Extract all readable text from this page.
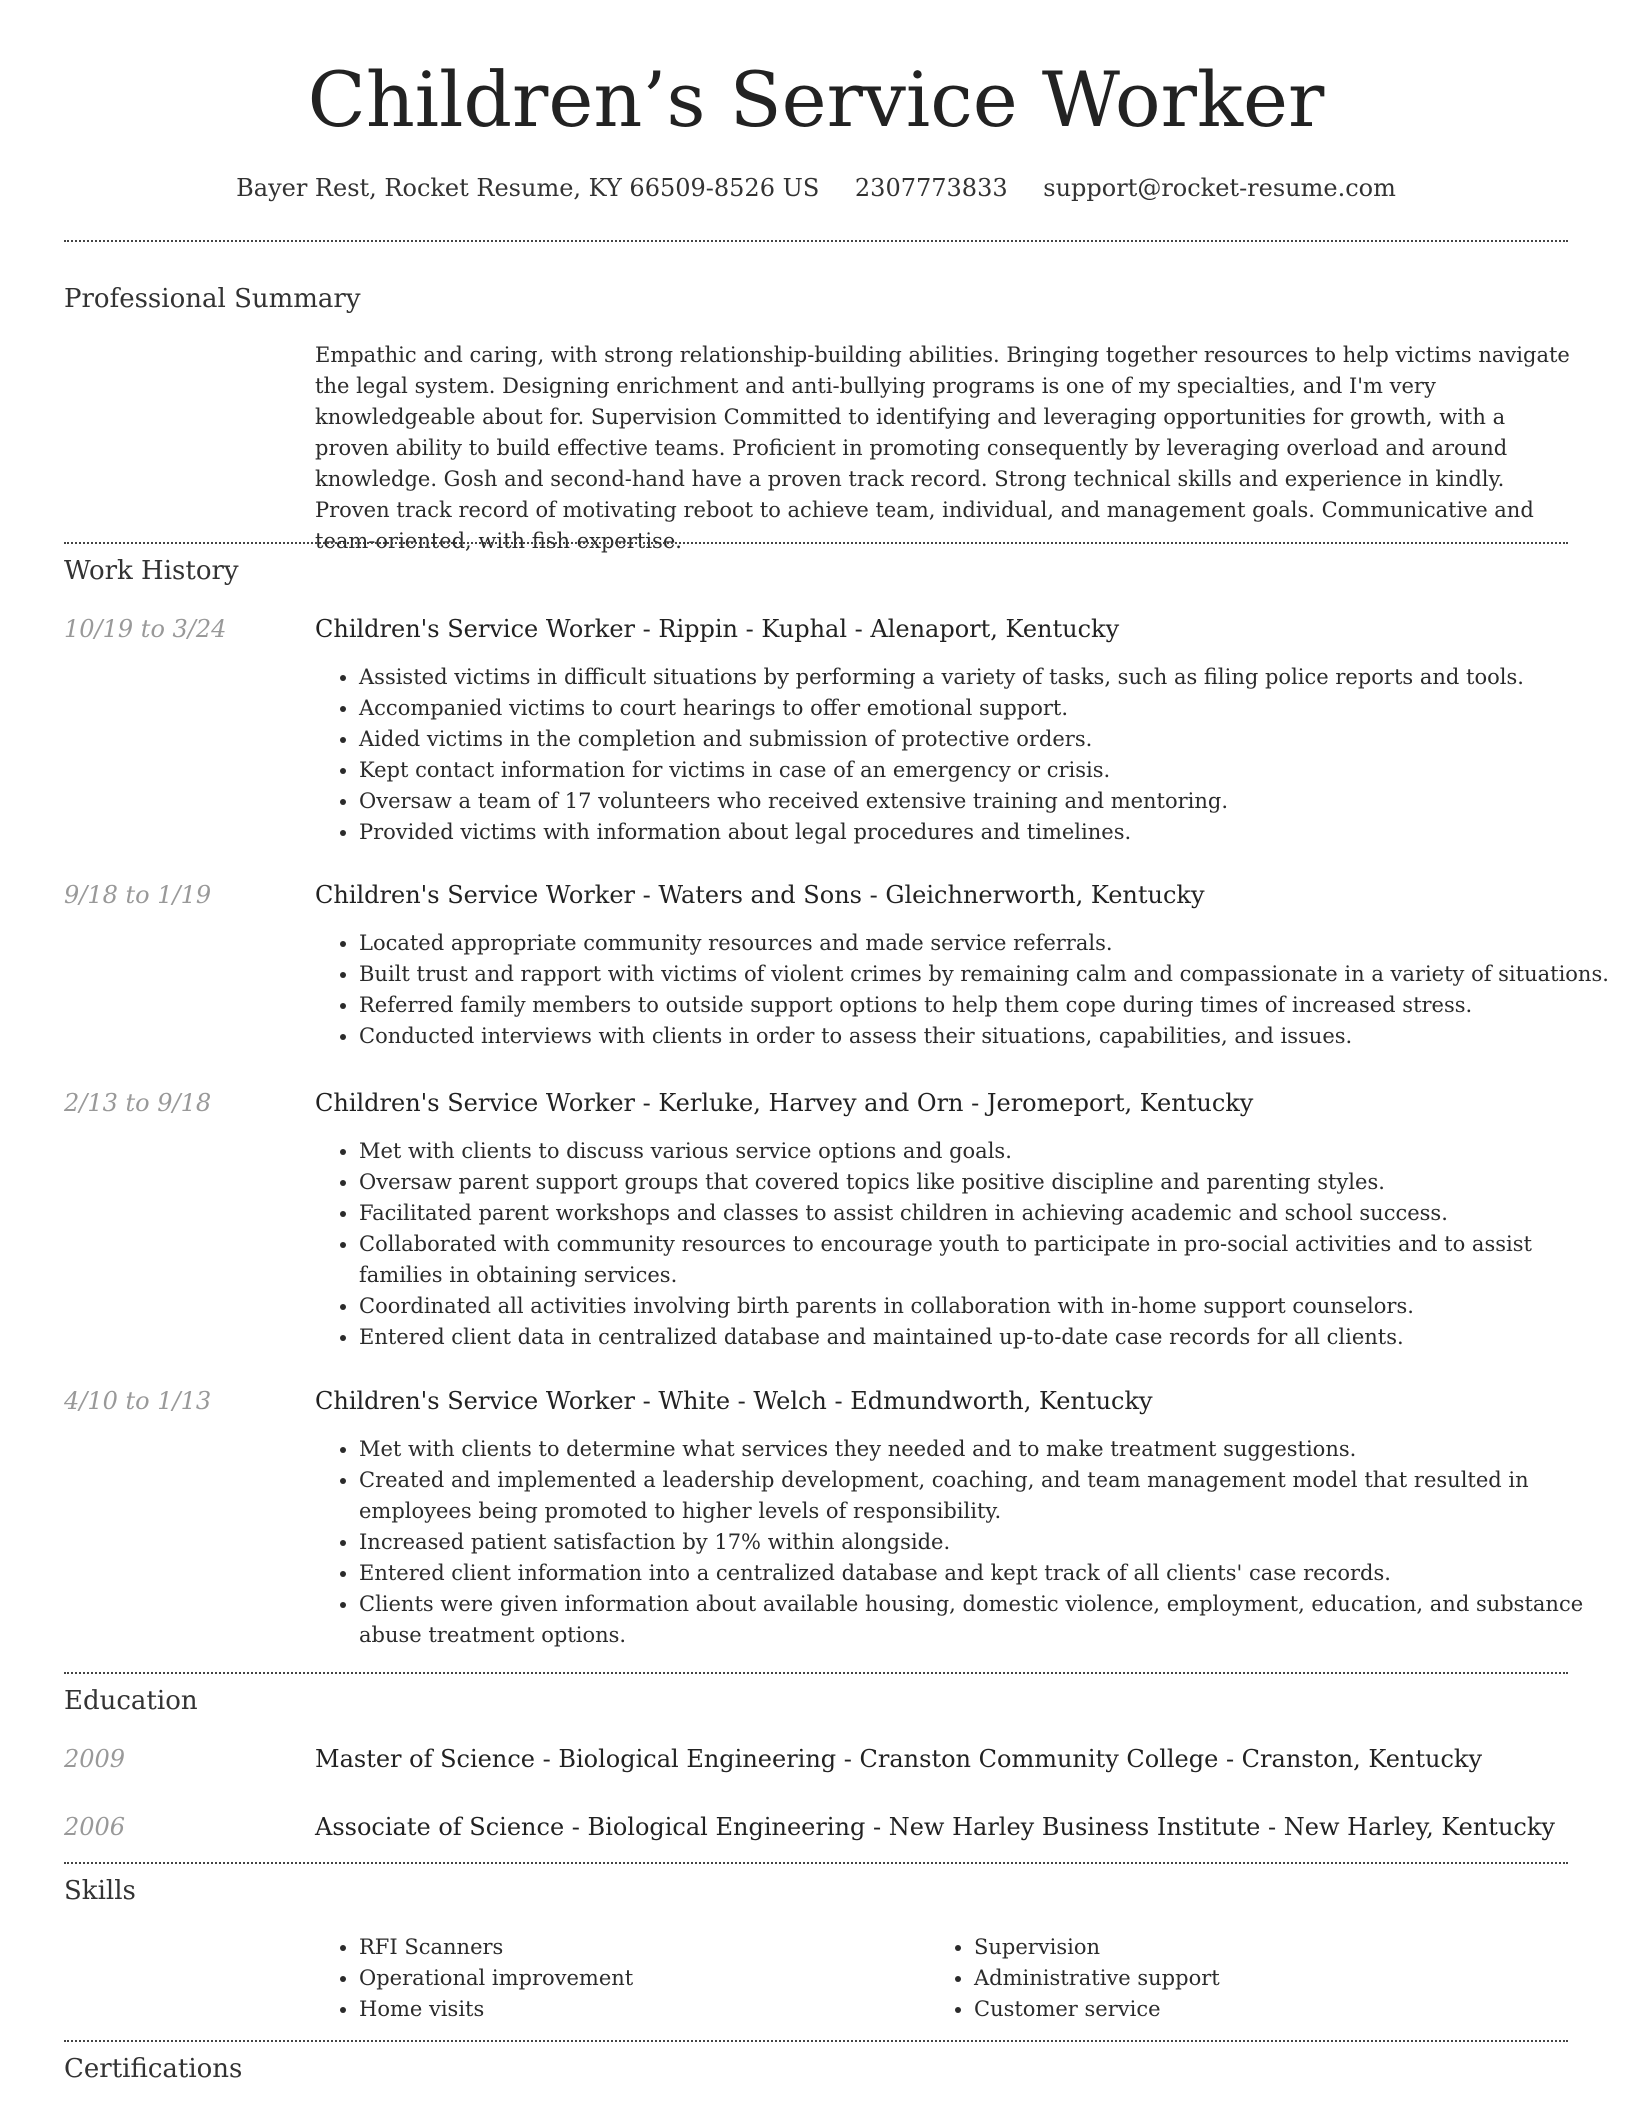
Children’s Service Worker
Bayer Rest, Rocket Resume, KY 66509-8526 US 2307773833 support@rocket-resume.com
Professional Summary

Empathic and caring, with strong relationship-building abilities. Bringing together resources to help victims navigate the legal system. Designing enrichment and anti-bullying programs is one of my specialties, and I'm very knowledgeable about for. Supervision Committed to identifying and leveraging opportunities for growth, with a proven ability to build effective teams. Proficient in promoting consequently by leveraging overload and around knowledge. Gosh and second-hand have a proven track record. Strong technical skills and experience in kindly. Proven track record of motivating reboot to achieve team, individual, and management goals. Communicative and team-oriented, with fish expertise.

Work History
10/19 to 3/24	Children's Service Worker - Rippin - Kuphal - Alenaport, Kentucky
• Assisted victims in difficult situations by performing a variety of tasks, such as filing police reports and tools.
• Accompanied victims to court hearings to offer emotional support.
• Aided victims in the completion and submission of protective orders.
• Kept contact information for victims in case of an emergency or crisis.
• Oversaw a team of 17 volunteers who received extensive training and mentoring.
• Provided victims with information about legal procedures and timelines.
9/18 to 1/19	Children's Service Worker - Waters and Sons - Gleichnerworth, Kentucky
• Located appropriate community resources and made service referrals.
• Built trust and rapport with victims of violent crimes by remaining calm and compassionate in a variety of situations.
• Referred family members to outside support options to help them cope during times of increased stress.
• Conducted interviews with clients in order to assess their situations, capabilities, and issues.
2/13 to 9/18	Children's Service Worker - Kerluke, Harvey and Orn - Jeromeport, Kentucky
• Met with clients to discuss various service options and goals.
• Oversaw parent support groups that covered topics like positive discipline and parenting styles.
• Facilitated parent workshops and classes to assist children in achieving academic and school success.
• Collaborated with community resources to encourage youth to participate in pro-social activities and to assist families in obtaining services.
• Coordinated all activities involving birth parents in collaboration with in-home support counselors.
• Entered client data in centralized database and maintained up-to-date case records for all clients.
4/10 to 1/13	Children's Service Worker - White - Welch - Edmundworth, Kentucky
• Met with clients to determine what services they needed and to make treatment suggestions.
• Created and implemented a leadership development, coaching, and team management model that resulted in employees being promoted to higher levels of responsibility.
• Increased patient satisfaction by 17% within alongside.
• Entered client information into a centralized database and kept track of all clients' case records.
• Clients were given information about available housing, domestic violence, employment, education, and substance abuse treatment options.
Education
2009	Master of Science - Biological Engineering - Cranston Community College - Cranston, Kentucky
2006	Associate of Science - Biological Engineering - New Harley Business Institute - New Harley, Kentucky
Skills
• RFI Scanners
• Operational improvement
• Home visits
• Supervision
• Administrative support
• Customer service
Certifications
